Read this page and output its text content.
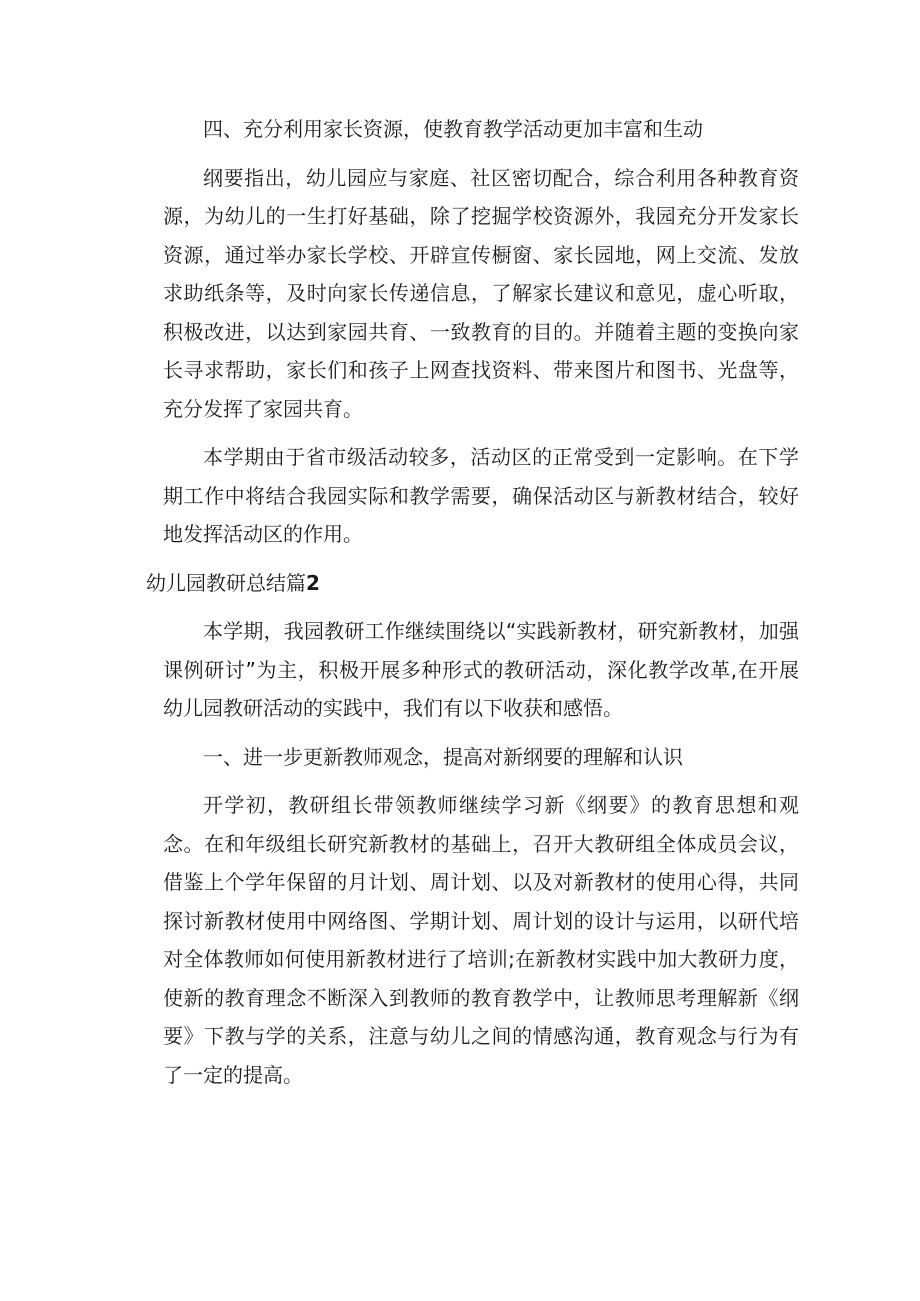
四、充分利用家长资源，使教育教学活动更加丰富和生动

纲要指出，幼儿园应与家庭、社区密切配合，综合利用各种教育资源，为幼儿的一生打好基础，除了挖掘学校资源外，我园充分开发家长资源，通过举办家长学校、开辟宣传橱窗、家长园地，网上交流、发放求助纸条等，及时向家长传递信息，了解家长建议和意见，虚心听取，积极改进，以达到家园共育、一致教育的目的。并随着主题的变换向家长寻求帮助，家长们和孩子上网查找资料、带来图片和图书、光盘等，充分发挥了家园共育。

本学期由于省市级活动较多，活动区的正常受到一定影响。在下学期工作中将结合我园实际和教学需要，确保活动区与新教材结合，较好地发挥活动区的作用。

幼儿园教研总结篇2

本学期，我园教研工作继续围绕以“实践新教材，研究新教材，加强课例研讨”为主，积极开展多种形式的教研活动，深化教学改革,在开展幼儿园教研活动的实践中，我们有以下收获和感悟。

一、进一步更新教师观念，提高对新纲要的理解和认识

开学初，教研组长带领教师继续学习新《纲要》的教育思想和观念。在和年级组长研究新教材的基础上，召开大教研组全体成员会议，借鉴上个学年保留的月计划、周计划、以及对新教材的使用心得，共同探讨新教材使用中网络图、学期计划、周计划的设计与运用，以研代培对全体教师如何使用新教材进行了培训;在新教材实践中加大教研力度，使新的教育理念不断深入到教师的教育教学中，让教师思考理解新《纲要》下教与学的关系，注意与幼儿之间的情感沟通，教育观念与行为有了一定的提高。
